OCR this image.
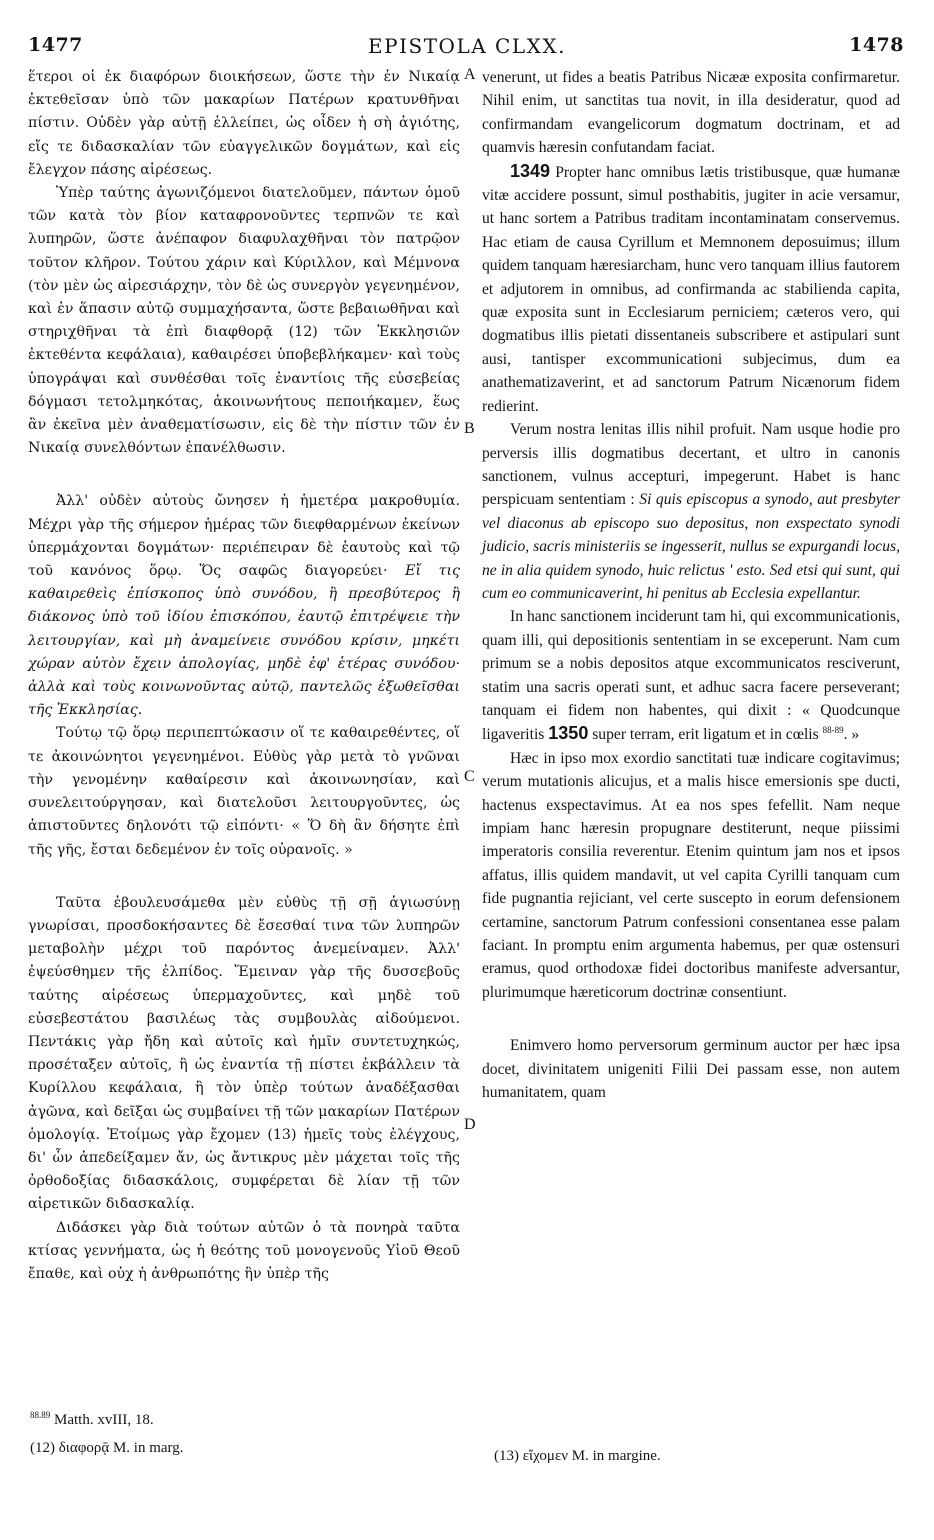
1477	EPISTOLA CLXX.	1478

ἕτεροι οἱ ἐκ διαφόρων διοικήσεων, ὥστε τὴν ἐν Νικαίᾳ ἐκτεθεῖσαν ὑπὸ τῶν μακαρίων Πατέρων κρατυνθῆναι πίστιν. Οὐδὲν γὰρ αὐτῇ ἐλλείπει, ὡς οἶδεν ἡ σὴ ἁγιότης, εἴς τε διδασκαλίαν τῶν εὐαγγελικῶν δογμάτων, καὶ εἰς ἔλεγχον πάσης αἱρέσεως.

Ὑπὲρ ταύτης ἀγωνιζόμενοι διατελοῦμεν, πάντων ὁμοῦ τῶν κατὰ τὸν βίον καταφρονοῦντες τερπνῶν τε καὶ λυπηρῶν, ὥστε ἀνέπαφον διαφυλαχθῆναι τὸν πατρῷον τοῦτον κλῆρον. Τούτου χάριν καὶ Κύριλλον, καὶ Μέμνονα (τὸν μὲν ὡς αἱρεσιάρχην, τὸν δὲ ὡς συνεργὸν γεγενημένον, καὶ ἐν ἅπασιν αὐτῷ συμμαχήσαντα, ὥστε βεβαιωθῆναι καὶ στηριχθῆναι τὰ ἐπὶ διαφθορᾷ (12) τῶν Ἐκκλησιῶν ἐκτεθέντα κεφάλαια), καθαιρέσει ὑποβεβλήκαμεν· καὶ τοὺς ὑπογράψαι καὶ συνθέσθαι τοῖς ἐναντίοις τῆς εὐσεβείας δόγμασι τετολμηκότας, ἀκοινωνήτους πεποιήκαμεν, ἕως ἂν ἐκεῖνα μὲν ἀναθεματίσωσιν, εἰς δὲ τὴν πίστιν τῶν ἐν Νικαίᾳ συνελθόντων ἐπανέλθωσιν.

Ἀλλ' οὐδὲν αὐτοὺς ὤνησεν ἡ ἡμετέρα μακροθυμία. Μέχρι γὰρ τῆς σήμερον ἡμέρας τῶν διεφθαρμένων ἐκείνων ὑπερμάχονται δογμάτων· περιέπειραν δὲ ἑαυτοὺς καὶ τῷ τοῦ κανόνος ὅρῳ. Ὅς σαφῶς διαγορεύει· Εἴ τις καθαιρεθεὶς ἐπίσκοπος ὑπὸ συνόδου, ἢ πρεσβύτερος ἢ διάκονος ὑπὸ τοῦ ἰδίου ἐπισκόπου, ἑαυτῷ ἐπιτρέψειε τὴν λειτουργίαν, καὶ μὴ ἀναμείνειε συνόδου κρίσιν, μηκέτι χώραν αὐτὸν ἔχειν ἀπολογίας, μηδὲ ἐφ' ἑτέρας συνόδου· ἀλλὰ καὶ τοὺς κοινωνοῦντας αὐτῷ, παντελῶς ἐξωθεῖσθαι τῆς Ἐκκλησίας.

Τούτῳ τῷ ὅρῳ περιπεπτώκασιν οἵ τε καθαιρεθέντες, οἵ τε ἀκοινώνητοι γεγενημένοι. Εὐθὺς γὰρ μετὰ τὸ γνῶναι τὴν γενομένην καθαίρεσιν καὶ ἀκοινωνησίαν, καὶ συνελειτούργησαν, καὶ διατελοῦσι λειτουργοῦντες, ὡς ἀπιστοῦντες δηλονότι τῷ εἰπόντι· « Ὅ δὴ ἂν δήσητε ἐπὶ τῆς γῆς, ἔσται δεδεμένον ἐν τοῖς οὐρανοῖς. »

Ταῦτα ἐβουλευσάμεθα μὲν εὐθὺς τῇ σῇ ἁγιωσύνῃ γνωρίσαι, προσδοκήσαντες δὲ ἔσεσθαί τινα τῶν λυπηρῶν μεταβολὴν μέχρι τοῦ παρόντος ἀνεμείναμεν. Ἀλλ' ἐψεύσθημεν τῆς ἐλπίδος. Ἔμειναν γὰρ τῆς δυσσεβοῦς ταύτης αἱρέσεως ὑπερμαχοῦντες, καὶ μηδὲ τοῦ εὐσεβεστάτου βασιλέως τὰς συμβουλὰς αἰδούμενοι. Πεντάκις γὰρ ἤδη καὶ αὐτοῖς καὶ ἡμῖν συντετυχηκώς, προσέταξεν αὐτοῖς, ἢ ὡς ἐναντία τῇ πίστει ἐκβάλλειν τὰ Κυρίλλου κεφάλαια, ἢ τὸν ὑπὲρ τούτων ἀναδέξασθαι ἀγῶνα, καὶ δεῖξαι ὡς συμβαίνει τῇ τῶν μακαρίων Πατέρων ὁμολογίᾳ. Ἑτοίμως γὰρ ἔχομεν (13) ἡμεῖς τοὺς ἐλέγχους, δι' ὧν ἀπεδείξαμεν ἄν, ὡς ἄντικρυς μὲν μάχεται τοῖς τῆς ὀρθοδοξίας διδασκάλοις, συμφέρεται δὲ λίαν τῇ τῶν αἱρετικῶν διδασκαλίᾳ.

Διδάσκει γὰρ διὰ τούτων αὐτῶν ὁ τὰ πονηρὰ ταῦτα κτίσας γεννήματα, ὡς ἡ θεότης τοῦ μονογενοῦς Υἱοῦ Θεοῦ ἔπαθε, καὶ οὐχ ἡ ἀνθρωπότης ἣν ὑπὲρ τῆς

A
B
C
D

venerunt, ut fides a beatis Patribus Nicææ exposita confirmaretur. Nihil enim, ut sanctitas tua novit, in illa desideratur, quod ad confirmandam evangelicorum dogmatum doctrinam, et ad quamvis hæresin confutandam faciat.

1349 Propter hanc omnibus lætis tristibusque, quæ humanæ vitæ accidere possunt, simul posthabitis, jugiter in acie versamur, ut hanc sortem a Patribus traditam incontaminatam conservemus. Hac etiam de causa Cyrillum et Memnonem deposuimus; illum quidem tanquam hæresiarcham, hunc vero tanquam illius fautorem et adjutorem in omnibus, ad confirmanda ac stabilienda capita, quæ exposita sunt in Ecclesiarum perniciem; cæteros vero, qui dogmatibus illis pietati dissentaneis subscribere et astipulari sunt ausi, tantisper excommunicationi subjecimus, dum ea anathematizaverint, et ad sanctorum Patrum Nicænorum fidem redierint.

Verum nostra lenitas illis nihil profuit. Nam usque hodie pro perversis illis dogmatibus decertant, et ultro in canonis sanctionem, vulnus accepturi, impegerunt. Habet is hanc perspicuam sententiam : Si quis episcopus a synodo, aut presbyter vel diaconus ab episcopo suo depositus, non exspectato synodi judicio, sacris ministeriis se ingesserit, nullus se expurgandi locus, ne in alia quidem synodo, huic relictus ' esto. Sed etsi qui sunt, qui cum eo communicaverint, hi penitus ab Ecclesia expellantur.

In hanc sanctionem inciderunt tam hi, qui excommunicationis, quam illi, qui depositionis sententiam in se exceperunt. Nam cum primum se a nobis depositos atque excommunicatos resciverunt, statim una sacris operati sunt, et adhuc sacra facere perseverant; tanquam ei fidem non habentes, qui dixit : « Quodcunque ligaveritis 1350 super terram, erit ligatum et in cœlis $^{88-89}$. »

Hæc in ipso mox exordio sanctitati tuæ indicare cogitavimus; verum mutationis alicujus, et a malis hisce emersionis spe ducti, hactenus exspectavimus. At ea nos spes fefellit. Nam neque impiam hanc hæresin propugnare destiterunt, neque piissimi imperatoris consilia reverentur. Etenim quintum jam nos et ipsos affatus, illis quidem mandavit, ut vel capita Cyrilli tanquam cum fide pugnantia rejiciant, vel certe suscepto in eorum defensionem certamine, sanctorum Patrum confessioni consentanea esse palam faciant. In promptu enim argumenta habemus, per quæ ostensuri eramus, quod orthodoxæ fidei doctoribus manifeste adversantur, plurimumque hæreticorum doctrinæ consentiunt.

Enimvero homo perversorum germinum auctor per hæc ipsa docet, divinitatem unigeniti Filii Dei passam esse, non autem humanitatem, quam

$^{88.89}$ Matth. xvIII, 18.
(12) διαφορᾷ M. in marg.	(13) εἴχομεν M. in margine.
